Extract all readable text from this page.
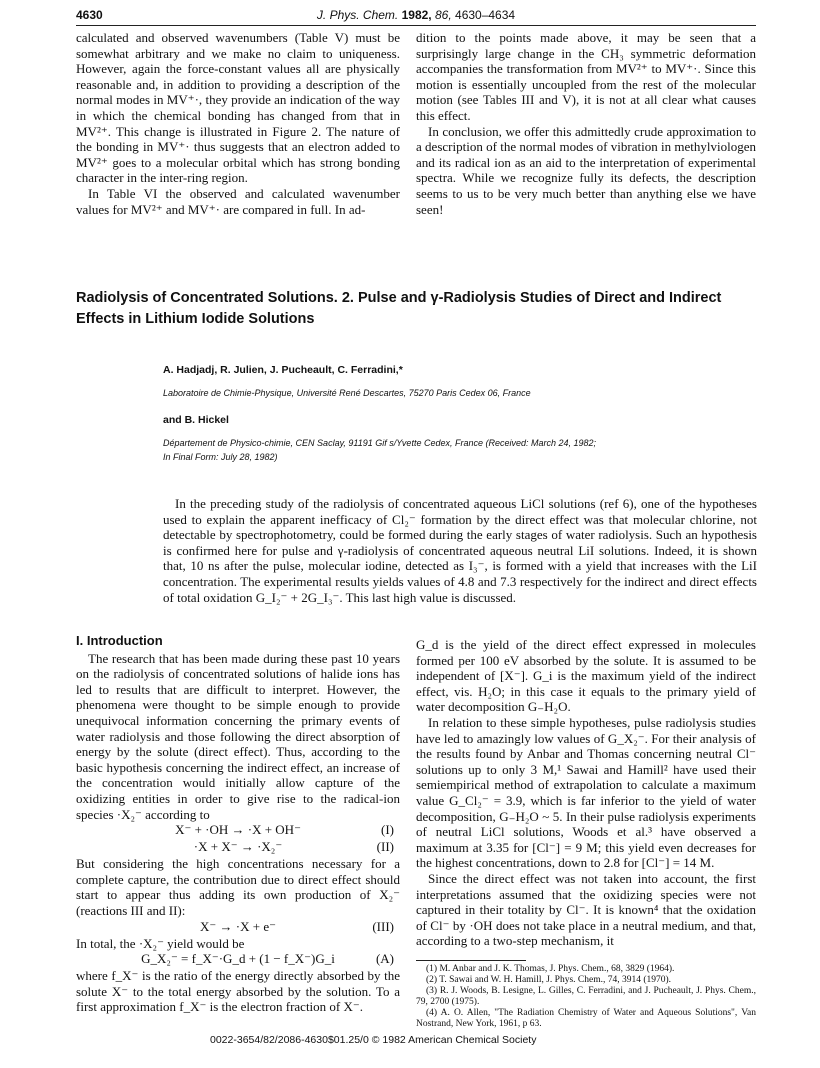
4630	J. Phys. Chem. 1982, 86, 4630–4634

calculated and observed wavenumbers (Table V) must be somewhat arbitrary and we make no claim to uniqueness. However, again the force-constant values all are physically reasonable and, in addition to providing a description of the normal modes in MV⁺·, they provide an indication of the way in which the chemical bonding has changed from that in MV²⁺. This change is illustrated in Figure 2. The nature of the bonding in MV⁺· thus suggests that an electron added to MV²⁺ goes to a molecular orbital which has strong bonding character in the inter-ring region.

In Table VI the observed and calculated wavenumber values for MV²⁺ and MV⁺· are compared in full. In ad-

dition to the points made above, it may be seen that a surprisingly large change in the CH₃ symmetric deformation accompanies the transformation from MV²⁺ to MV⁺·. Since this motion is essentially uncoupled from the rest of the molecular motion (see Tables III and V), it is not at all clear what causes this effect.

In conclusion, we offer this admittedly crude approximation to a description of the normal modes of vibration in methylviologen and its radical ion as an aid to the interpretation of experimental spectra. While we recognize fully its defects, the description seems to us to be very much better than anything else we have seen!

Radiolysis of Concentrated Solutions. 2. Pulse and γ-Radiolysis Studies of Direct and Indirect Effects in Lithium Iodide Solutions
A. Hadjadj, R. Julien, J. Pucheault, C. Ferradini,*
Laboratoire de Chimie-Physique, Université René Descartes, 75270 Paris Cedex 06, France
and B. Hickel
Département de Physico-chimie, CEN Saclay, 91191 Gif s/Yvette Cedex, France (Received: March 24, 1982;
In Final Form: July 28, 1982)

In the preceding study of the radiolysis of concentrated aqueous LiCl solutions (ref 6), one of the hypotheses used to explain the apparent inefficacy of Cl₂⁻ formation by the direct effect was that molecular chlorine, not detectable by spectrophotometry, could be formed during the early stages of water radiolysis. Such an hypothesis is confirmed here for pulse and γ-radiolysis of concentrated aqueous neutral LiI solutions. Indeed, it is shown that, 10 ns after the pulse, molecular iodine, detected as I₃⁻, is formed with a yield that increases with the LiI concentration. The experimental results yields values of 4.8 and 7.3 respectively for the indirect and direct effects of total oxidation G_I₂⁻ + 2G_I₃⁻. This last high value is discussed.

I. Introduction

The research that has been made during these past 10 years on the radiolysis of concentrated solutions of halide ions has led to results that are difficult to interpret. However, the phenomena were thought to be simple enough to provide unequivocal information concerning the primary events of water radiolysis and those following the direct absorption of energy by the solute (direct effect). Thus, according to the basic hypothesis concerning the indirect effect, an increase of the concentration would initially allow capture of the oxidizing entities in order to give rise to the radical-ion species ·X₂⁻ according to

X⁻ + ·OH → ·X + OH⁻	(I)
·X + X⁻ → ·X₂⁻	(II)

But considering the high concentrations necessary for a complete capture, the contribution due to direct effect should start to appear thus adding its own production of X₂⁻ (reactions III and II):

X⁻ → ·X + e⁻	(III)

In total, the ·X₂⁻ yield would be

G_X₂⁻ = f_X⁻·G_d + (1 − f_X⁻)G_i	(A)

where f_X⁻ is the ratio of the energy directly absorbed by the solute X⁻ to the total energy absorbed by the solution. To a first approximation f_X⁻ is the electron fraction of X⁻.

G_d is the yield of the direct effect expressed in molecules formed per 100 eV absorbed by the solute. It is assumed to be independent of [X⁻]. G_i is the maximum yield of the indirect effect, vis. H₂O; in this case it equals to the primary yield of water decomposition G₋H₂O.

In relation to these simple hypotheses, pulse radiolysis studies have led to amazingly low values of G_X₂⁻. For their analysis of the results found by Anbar and Thomas concerning neutral Cl⁻ solutions up to only 3 M,¹ Sawai and Hamill² have used their semiempirical method of extrapolation to calculate a maximum value G_Cl₂⁻ = 3.9, which is far inferior to the yield of water decomposition, G₋H₂O ~ 5. In their pulse radiolysis experiments of neutral LiCl solutions, Woods et al.³ have observed a maximum at 3.35 for [Cl⁻] = 9 M; this yield even decreases for the highest concentrations, down to 2.8 for [Cl⁻] = 14 M.

Since the direct effect was not taken into account, the first interpretations assumed that the oxidizing species were not captured in their totality by Cl⁻. It is known⁴ that the oxidation of Cl⁻ by ·OH does not take place in a neutral medium, and that, according to a two-step mechanism, it

(1) M. Anbar and J. K. Thomas, J. Phys. Chem., 68, 3829 (1964).

(2) T. Sawai and W. H. Hamill, J. Phys. Chem., 74, 3914 (1970).

(3) R. J. Woods, B. Lesigne, L. Gilles, C. Ferradini, and J. Pucheault, J. Phys. Chem., 79, 2700 (1975).

(4) A. O. Allen, "The Radiation Chemistry of Water and Aqueous Solutions", Van Nostrand, New York, 1961, p 63.

0022-3654/82/2086-4630$01.25/0 © 1982 American Chemical Society
